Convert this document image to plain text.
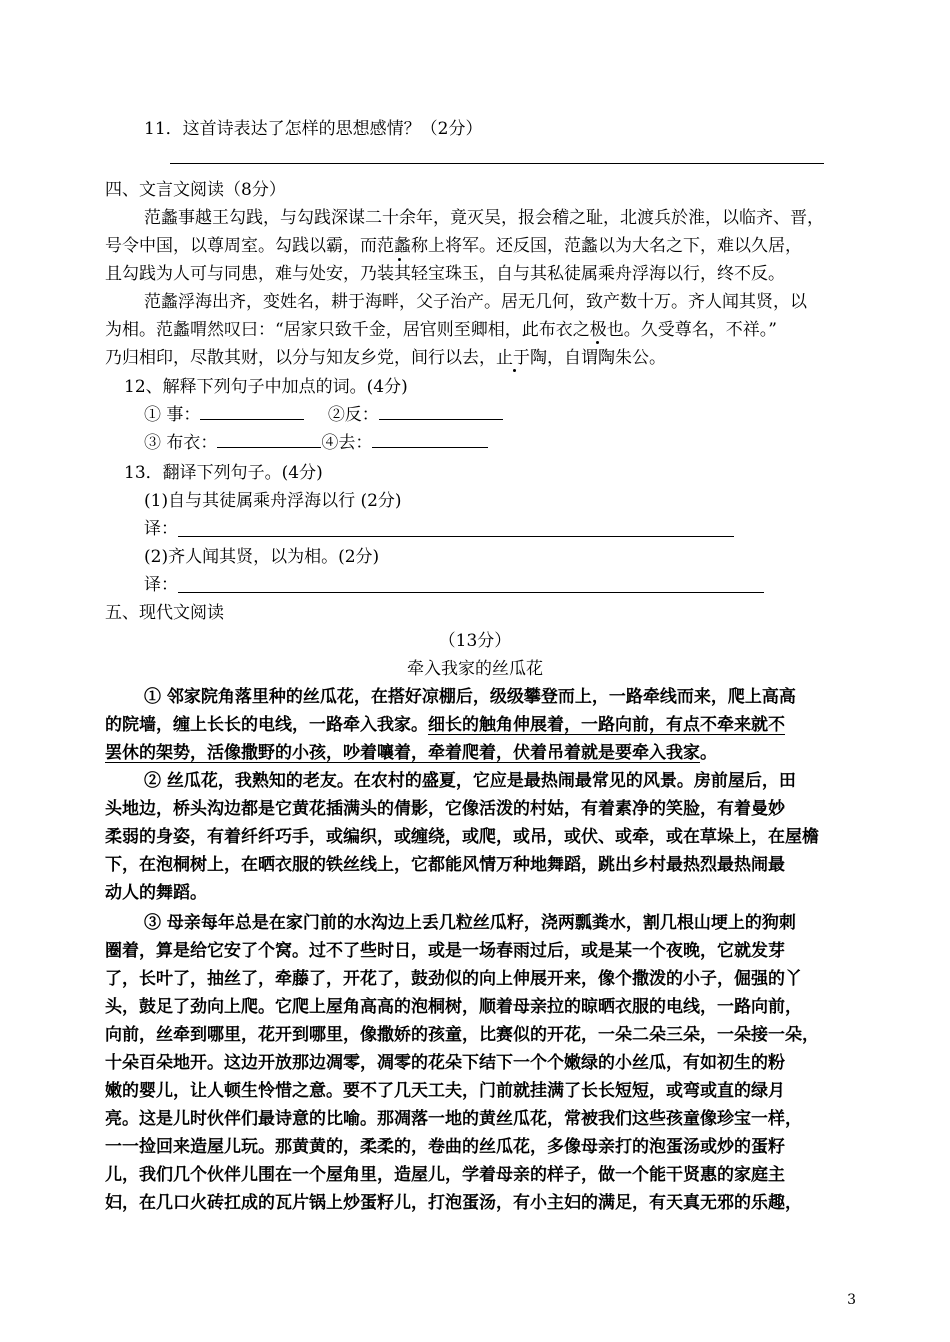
11．这首诗表达了怎样的思想感情？（2分）
四、文言文阅读（8分）
范蠡事越王勾践，与勾践深谋二十余年，竟灭吴，报会稽之耻，北渡兵於淮，以临齐、晋，
号令中国，以尊周室。勾践以霸，而范蠡称上将军。还反国，范蠡以为大名之下，难以久居，
且勾践为人可与同患，难与处安，乃装其轻宝珠玉，自与其私徒属乘舟浮海以行，终不反。
范蠡浮海出齐，变姓名，耕于海畔，父子治产。居无几何，致产数十万。齐人闻其贤，以
为相。范蠡喟然叹曰：“居家只致千金，居官则至卿相，此布衣之极也。久受尊名，不祥。”
乃归相印，尽散其财，以分与知友乡党，间行以去，止于陶，自谓陶朱公。
12、解释下列句子中加点的词。(4分)
① 事：	②反：
③ 布衣：	④去：
13．翻译下列句子。(4分)
(1)自与其徒属乘舟浮海以行 (2分)
译：
(2)齐人闻其贤，以为相。(2分)
译：
五、现代文阅读
（13分）
牵入我家的丝瓜花
① 邻家院角落里种的丝瓜花，在搭好凉棚后，级级攀登而上，一路牵线而来，爬上高高
的院墙，缠上长长的电线，一路牵入我家。细长的触角伸展着，一路向前，有点不牵来就不
罢休的架势，活像撒野的小孩，吵着嚷着，牵着爬着，伏着吊着就是要牵入我家。
② 丝瓜花，我熟知的老友。在农村的盛夏，它应是最热闹最常见的风景。房前屋后，田
头地边，桥头沟边都是它黄花插满头的倩影，它像活泼的村姑，有着素净的笑脸，有着曼妙
柔弱的身姿，有着纤纤巧手，或编织，或缠绕，或爬，或吊，或伏、或牵，或在草垛上，在屋檐
下，在泡桐树上，在晒衣服的铁丝线上，它都能风情万种地舞蹈，跳出乡村最热烈最热闹最
动人的舞蹈。
③ 母亲每年总是在家门前的水沟边上丢几粒丝瓜籽，浇两瓢粪水，割几根山埂上的狗刺
圈着，算是给它安了个窝。过不了些时日，或是一场春雨过后，或是某一个夜晚，它就发芽
了，长叶了，抽丝了，牵藤了，开花了，鼓劲似的向上伸展开来，像个撒泼的小子，倔强的丫
头，鼓足了劲向上爬。它爬上屋角高高的泡桐树，顺着母亲拉的晾晒衣服的电线，一路向前，
向前，丝牵到哪里，花开到哪里，像撒娇的孩童，比赛似的开花，一朵二朵三朵，一朵接一朵，
十朵百朵地开。这边开放那边凋零，凋零的花朵下结下一个个嫩绿的小丝瓜，有如初生的粉
嫩的婴儿，让人顿生怜惜之意。要不了几天工夫，门前就挂满了长长短短，或弯或直的绿月
亮。这是儿时伙伴们最诗意的比喻。那凋落一地的黄丝瓜花，常被我们这些孩童像珍宝一样，
一一捡回来造屋儿玩。那黄黄的，柔柔的，卷曲的丝瓜花，多像母亲打的泡蛋汤或炒的蛋籽
儿，我们几个伙伴儿围在一个屋角里，造屋儿，学着母亲的样子，做一个能干贤惠的家庭主
妇，在几口火砖扛成的瓦片锅上炒蛋籽儿，打泡蛋汤，有小主妇的满足，有天真无邪的乐趣，
3
